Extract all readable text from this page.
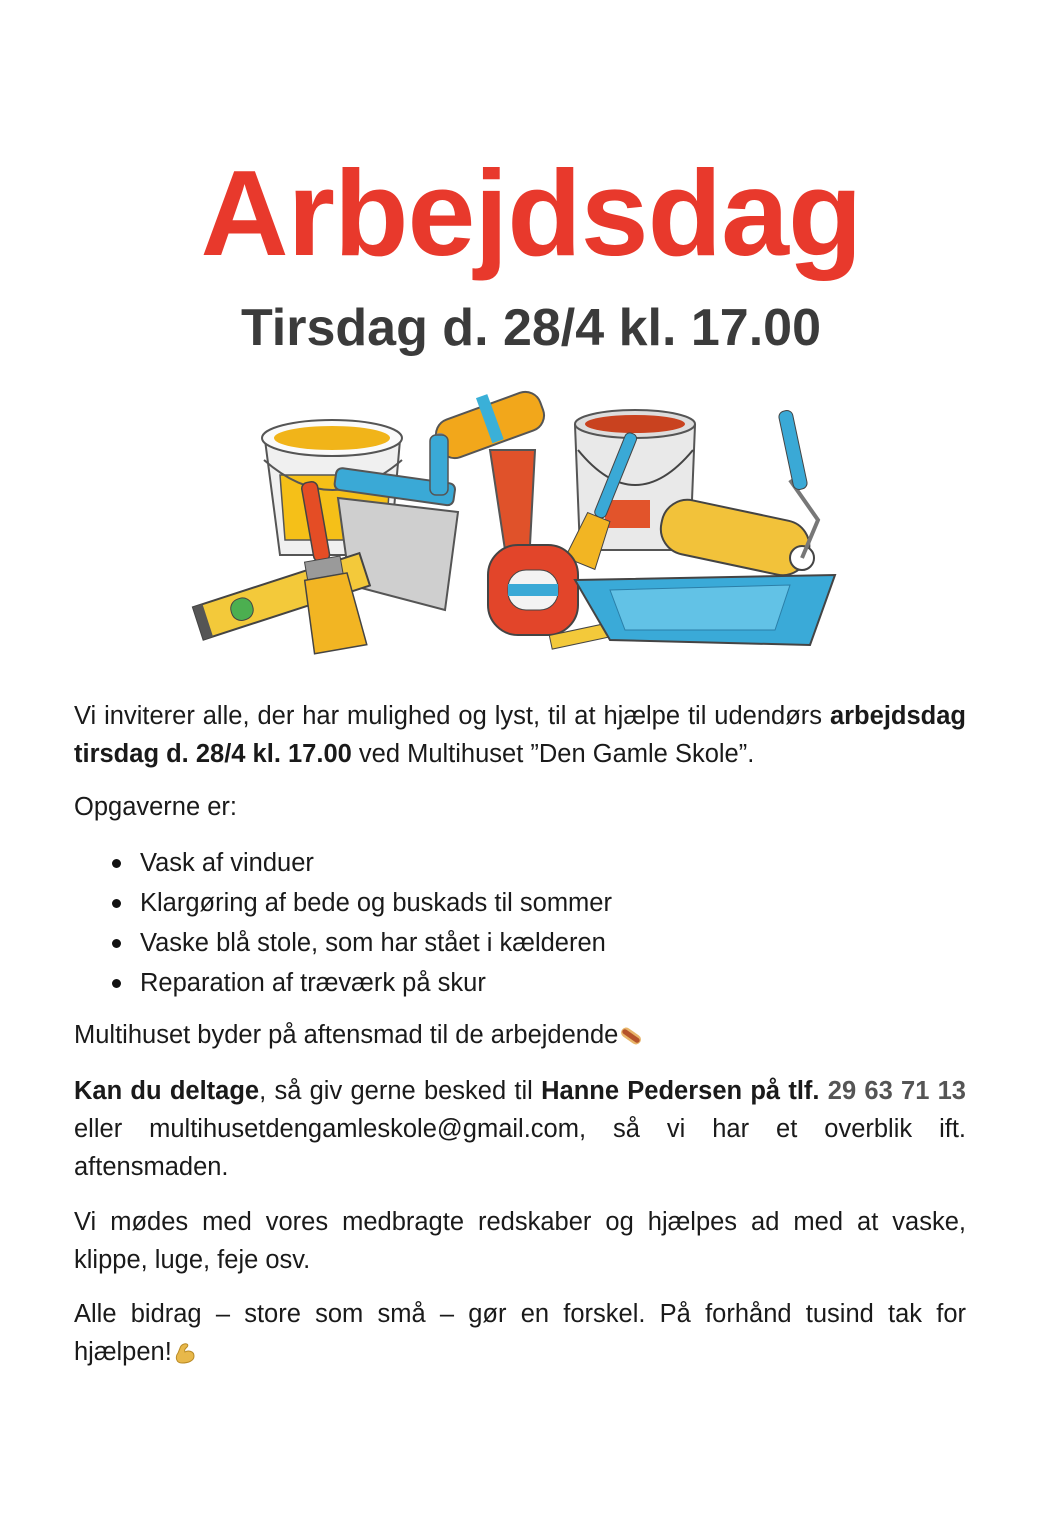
Arbejdsdag
Tirsdag d. 28/4 kl. 17.00
Vi inviterer alle, der har mulighed og lyst, til at hjælpe til udendørs arbejdsdag tirsdag d. 28/4 kl. 17.00 ved Multihuset ”Den Gamle Skole”.
Opgaverne er:
Vask af vinduer
Klargøring af bede og buskads til sommer
Vaske blå stole, som har stået i kælderen
Reparation af træværk på skur
Multihuset byder på aftensmad til de arbejdende
Kan du deltage, så giv gerne besked til Hanne Pedersen på tlf. 29 63 71 13 eller multihusetdengamleskole@gmail.com, så vi har et overblik ift. aftensmaden.
Vi mødes med vores medbragte redskaber og hjælpes ad med at vaske, klippe, luge, feje osv.
Alle bidrag – store som små – gør en forskel. På forhånd tusind tak for hjælpen!
